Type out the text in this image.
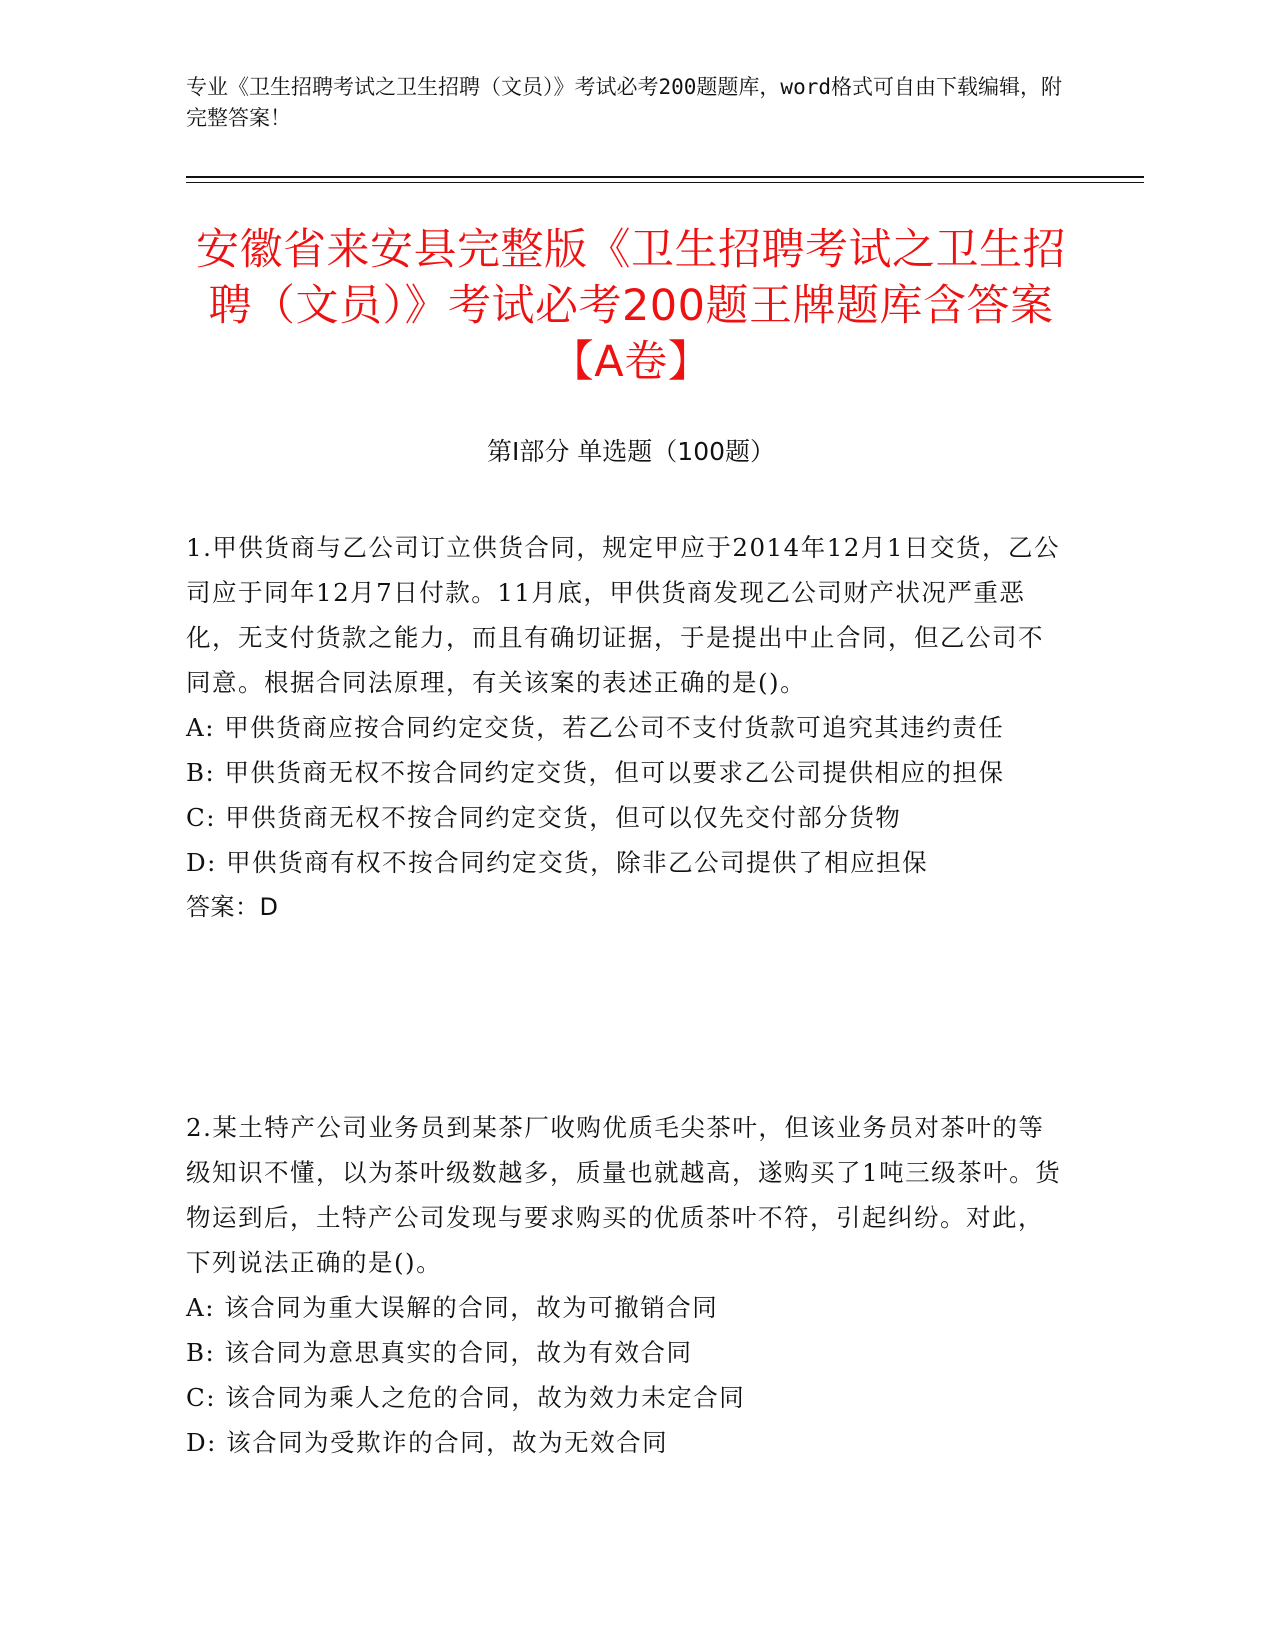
专业《卫生招聘考试之卫生招聘（文员）》考试必考200题题库，word格式可自由下载编辑，附完整答案！
安徽省来安县完整版《卫生招聘考试之卫生招聘（文员）》考试必考200题王牌题库含答案【A卷】
第I部分 单选题（100题）

1.甲供货商与乙公司订立供货合同，规定甲应于2014年12月1日交货，乙公司应于同年12月7日付款。11月底，甲供货商发现乙公司财产状况严重恶化，无支付货款之能力，而且有确切证据，于是提出中止合同，但乙公司不同意。根据合同法原理，有关该案的表述正确的是()。

A: 甲供货商应按合同约定交货，若乙公司不支付货款可追究其违约责任

B: 甲供货商无权不按合同约定交货，但可以要求乙公司提供相应的担保

C: 甲供货商无权不按合同约定交货，但可以仅先交付部分货物

D: 甲供货商有权不按合同约定交货，除非乙公司提供了相应担保

答案：D

2.某土特产公司业务员到某茶厂收购优质毛尖茶叶，但该业务员对茶叶的等级知识不懂，以为茶叶级数越多，质量也就越高，遂购买了1吨三级茶叶。货物运到后，土特产公司发现与要求购买的优质茶叶不符，引起纠纷。对此，下列说法正确的是()。

A: 该合同为重大误解的合同，故为可撤销合同

B: 该合同为意思真实的合同，故为有效合同

C: 该合同为乘人之危的合同，故为效力未定合同

D: 该合同为受欺诈的合同，故为无效合同
